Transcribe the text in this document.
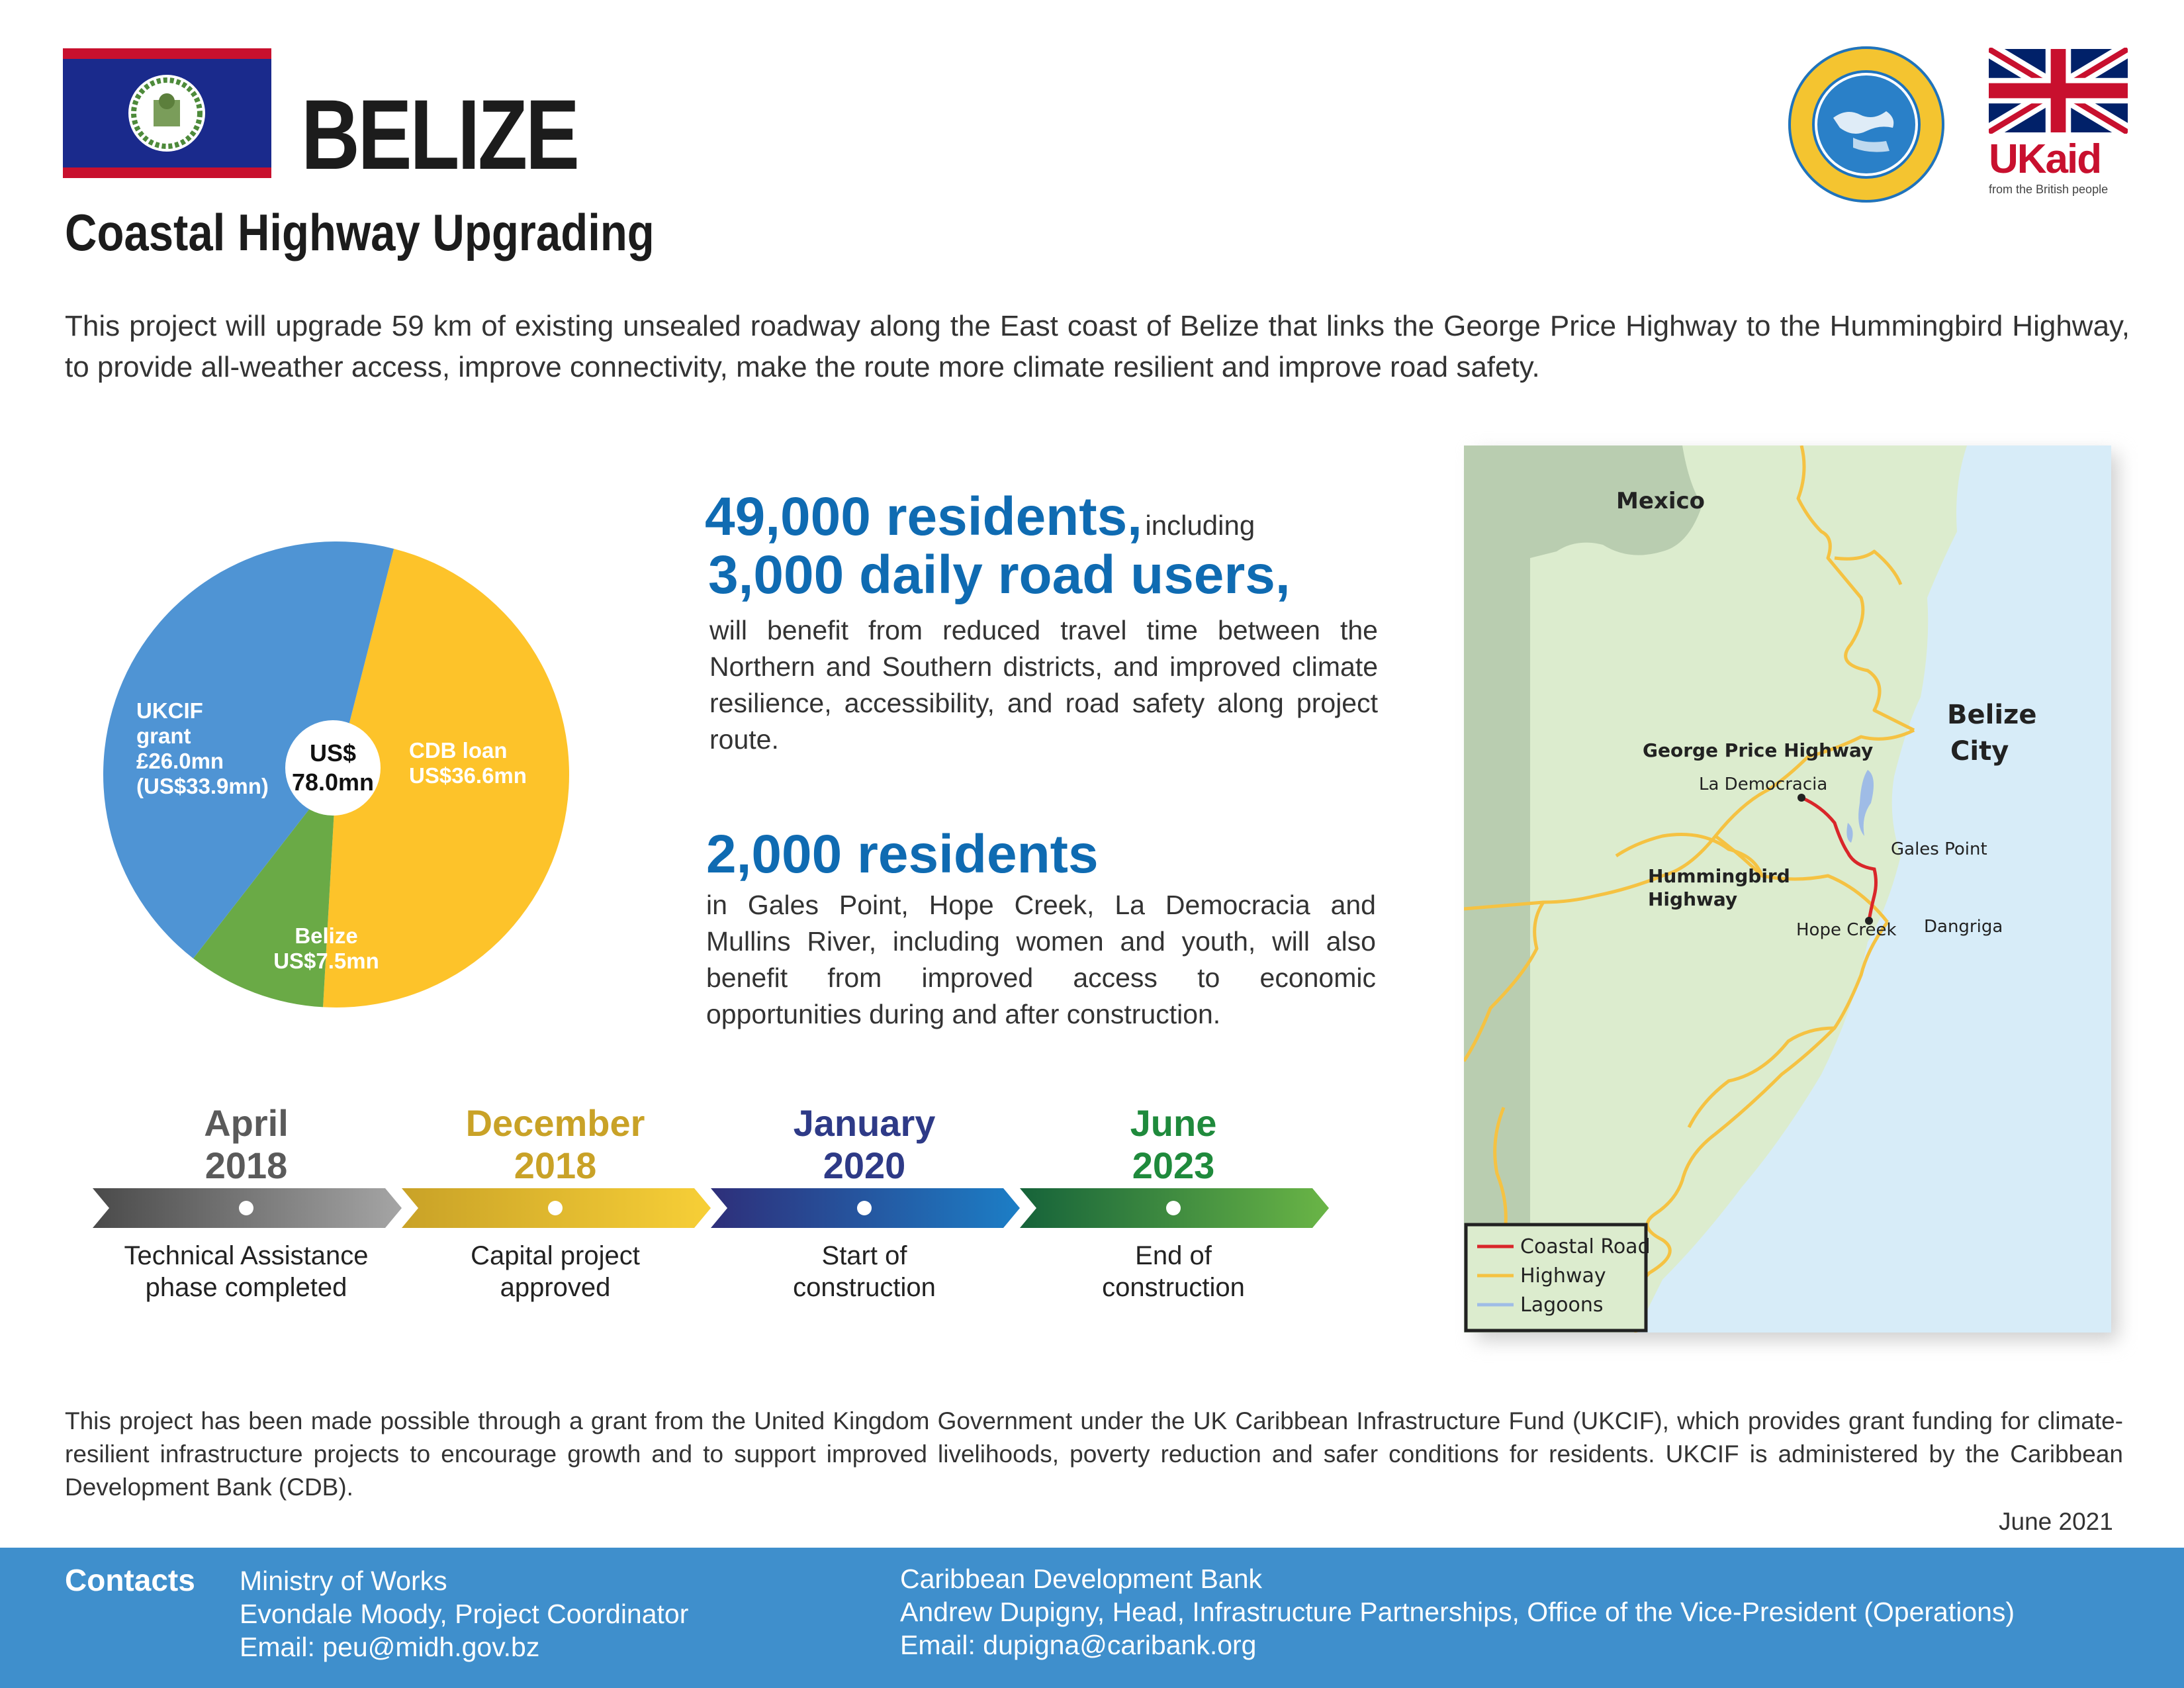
BELIZE
Coastal Highway Upgrading
UKaid
from the British people
This project will upgrade 59 km of existing unsealed roadway along the East coast of Belize that links the George Price Highway to the Hummingbird Highway, to provide all-weather access, improve connectivity, make the route more climate resilient and improve road safety.
CDB loan US$36.6mn
Belize US$7.5mn
UKCIF grant £26.0mn (US$33.9mn)
US$
78.0mn
49,000 residents, including
3,000 daily road users,
will benefit from reduced travel time between the Northern and Southern districts, and improved climate resilience, accessibility, and road safety along project route.
2,000 residents
in Gales Point, Hope Creek, La Democracia and Mullins River, including women and youth, will also benefit from improved access to economic opportunities during and after construction.
Mexico
Belize
City
George Price Highway
La Democracia
Gales Point
Hummingbird
Highway
Hope Creek Dangriga
Coastal Road
Highway
Lagoons
April
2018
Technical Assistance
phase completed
December
2018
Capital project
approved
January
2020
Start of
construction
June
2023
End of
construction
This project has been made possible through a grant from the United Kingdom Government under the UK Caribbean Infrastructure Fund (UKCIF), which provides grant funding for climate-resilient infrastructure projects to encourage growth and to support improved livelihoods, poverty reduction and safer conditions for residents. UKCIF is administered by the Caribbean Development Bank (CDB).
June 2021
Contacts Ministry of Works
Evondale Moody, Project Coordinator
Email: peu@midh.gov.bz
Caribbean Development Bank
Andrew Dupigny, Head, Infrastructure Partnerships, Office of the Vice-President (Operations)
Email: dupigna@caribank.org
